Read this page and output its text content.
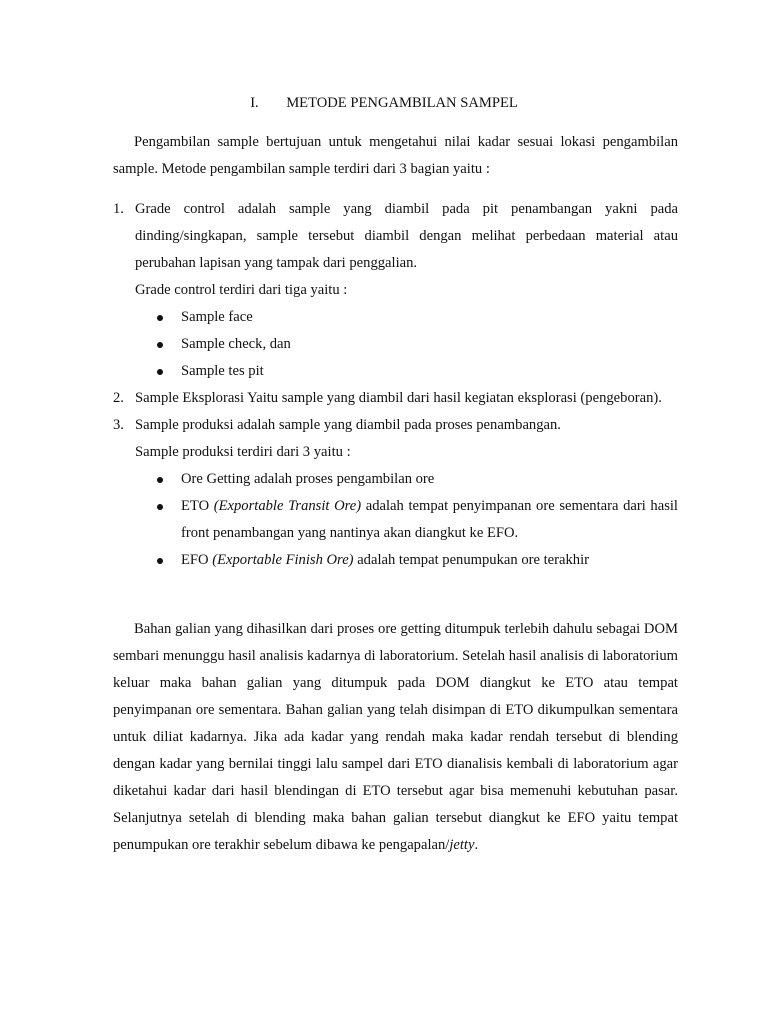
I. METODE PENGAMBILAN SAMPEL

Pengambilan sample bertujuan untuk mengetahui nilai kadar sesuai lokasi pengambilan sample. Metode pengambilan sample terdiri dari 3 bagian yaitu :

1. Grade control adalah sample yang diambil pada pit penambangan yakni pada dinding/singkapan, sample tersebut diambil dengan melihat perbedaan material atau perubahan lapisan yang tampak dari penggalian.
Grade control terdiri dari tiga yaitu :
Sample face
Sample check, dan
Sample tes pit
2. Sample Eksplorasi Yaitu sample yang diambil dari hasil kegiatan eksplorasi (pengeboran).
3. Sample produksi adalah sample yang diambil pada proses penambangan.
Sample produksi terdiri dari 3 yaitu :
Ore Getting adalah proses pengambilan ore
ETO (Exportable Transit Ore) adalah tempat penyimpanan ore sementara dari hasil front penambangan yang nantinya akan diangkut ke EFO.
EFO (Exportable Finish Ore) adalah tempat penumpukan ore terakhir

Bahan galian yang dihasilkan dari proses ore getting ditumpuk terlebih dahulu sebagai DOM sembari menunggu hasil analisis kadarnya di laboratorium. Setelah hasil analisis di laboratorium keluar maka bahan galian yang ditumpuk pada DOM diangkut ke ETO atau tempat penyimpanan ore sementara. Bahan galian yang telah disimpan di ETO dikumpulkan sementara untuk diliat kadarnya. Jika ada kadar yang rendah maka kadar rendah tersebut di blending dengan kadar yang bernilai tinggi lalu sampel dari ETO dianalisis kembali di laboratorium agar diketahui kadar dari hasil blendingan di ETO tersebut agar bisa memenuhi kebutuhan pasar. Selanjutnya setelah di blending maka bahan galian tersebut diangkut ke EFO yaitu tempat penumpukan ore terakhir sebelum dibawa ke pengapalan/jetty.
